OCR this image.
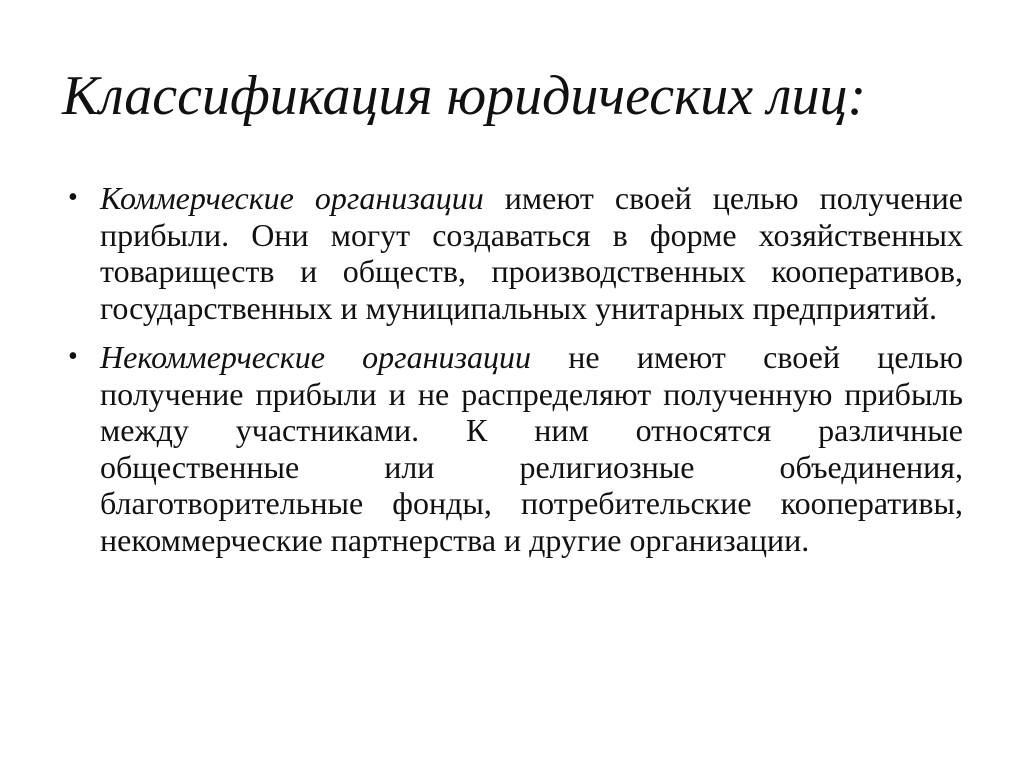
Классификация юридических лиц:
• Коммерческие организации имеют своей целью получение прибыли. Они могут создаваться в форме хозяйственных товариществ и обществ, производственных кооперативов, государственных и муниципальных унитарных предприятий.
• Некоммерческие организации не имеют своей целью получение прибыли и не распределяют полученную прибыль между участниками. К ним относятся различные общественные или религиозные объединения, благотворительные фонды, потребительские кооперативы, некоммерческие партнерства и другие организации.
